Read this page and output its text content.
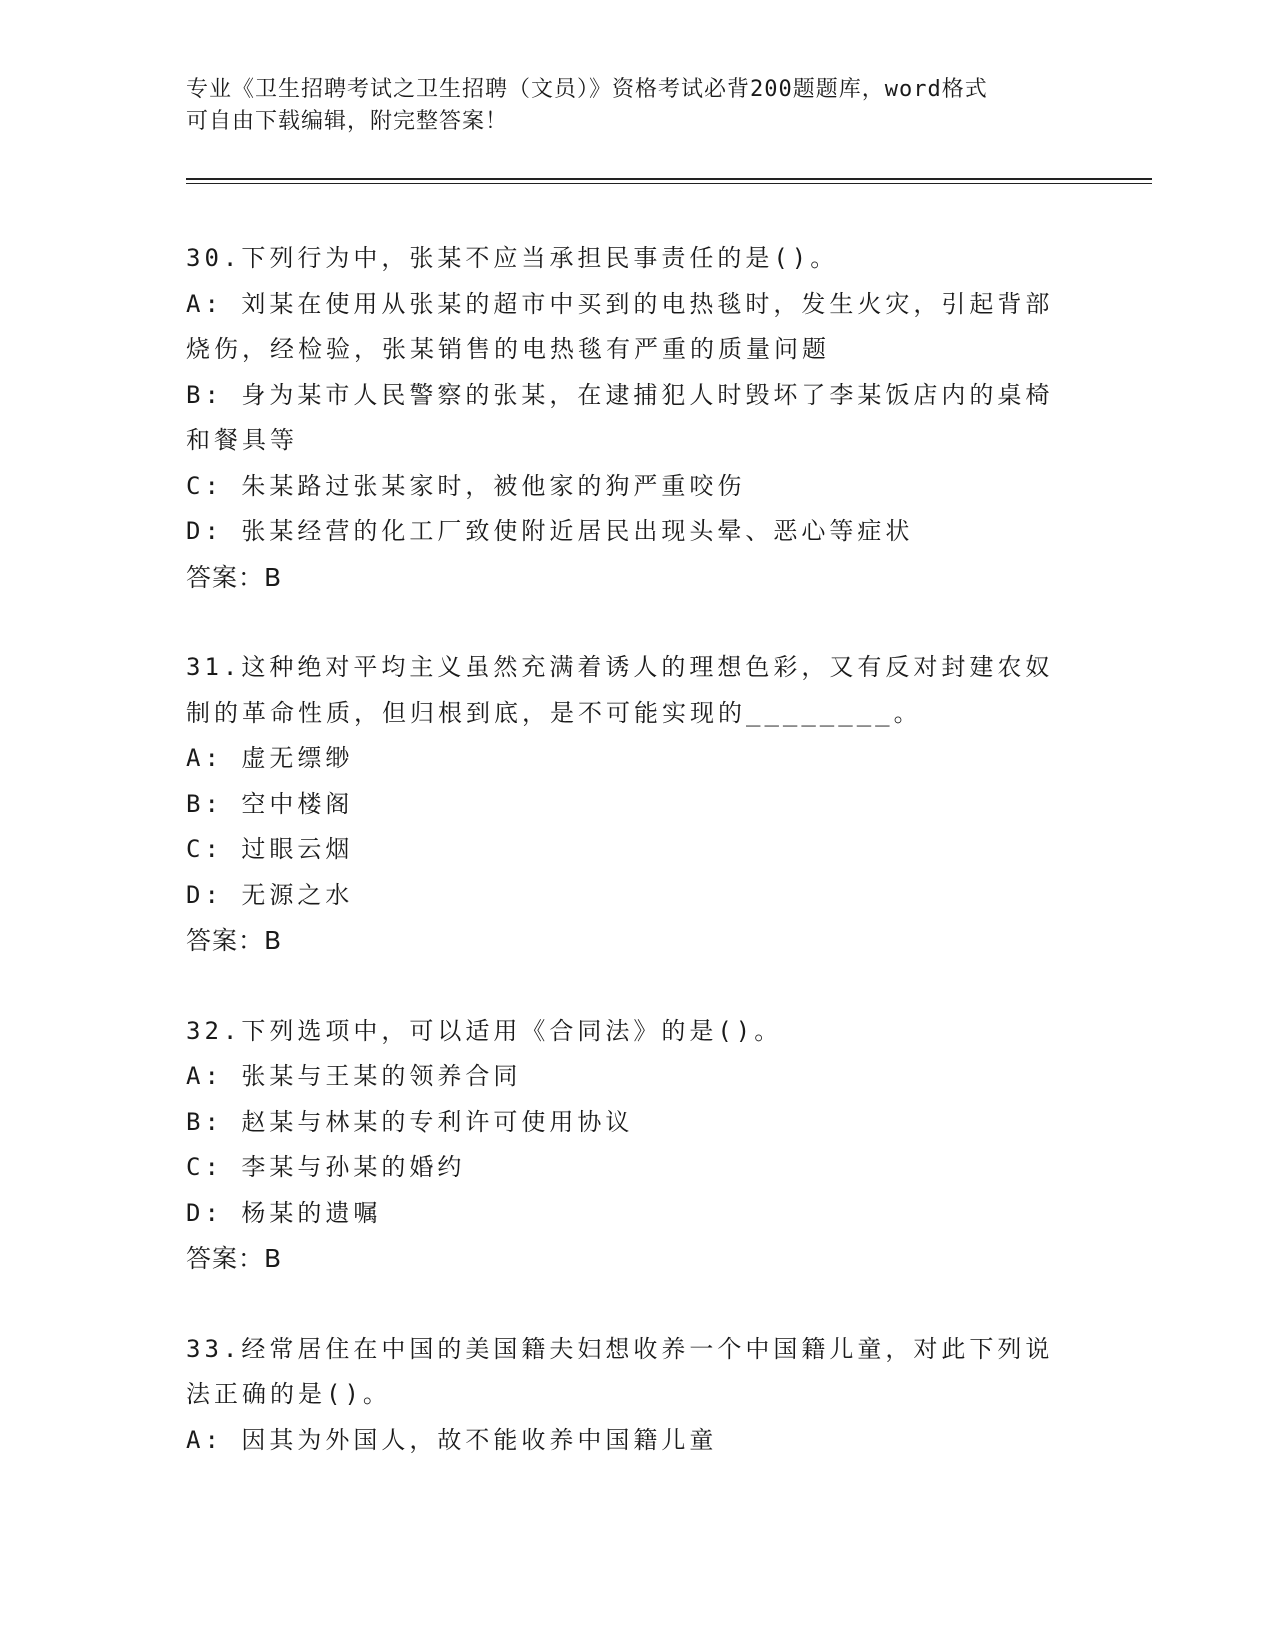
专业《卫生招聘考试之卫生招聘（文员）》资格考试必背200题题库，word格式
可自由下载编辑，附完整答案！
30.下列行为中，张某不应当承担民事责任的是()。
A: 刘某在使用从张某的超市中买到的电热毯时，发生火灾，引起背部
烧伤，经检验，张某销售的电热毯有严重的质量问题
B: 身为某市人民警察的张某，在逮捕犯人时毁坏了李某饭店内的桌椅
和餐具等
C: 朱某路过张某家时，被他家的狗严重咬伤
D: 张某经营的化工厂致使附近居民出现头晕、恶心等症状
答案：B
31.这种绝对平均主义虽然充满着诱人的理想色彩，又有反对封建农奴
制的革命性质，但归根到底，是不可能实现的________。
A: 虚无缥缈
B: 空中楼阁
C: 过眼云烟
D: 无源之水
答案：B
32.下列选项中，可以适用《合同法》的是()。
A: 张某与王某的领养合同
B: 赵某与林某的专利许可使用协议
C: 李某与孙某的婚约
D: 杨某的遗嘱
答案：B
33.经常居住在中国的美国籍夫妇想收养一个中国籍儿童，对此下列说
法正确的是()。
A: 因其为外国人，故不能收养中国籍儿童
